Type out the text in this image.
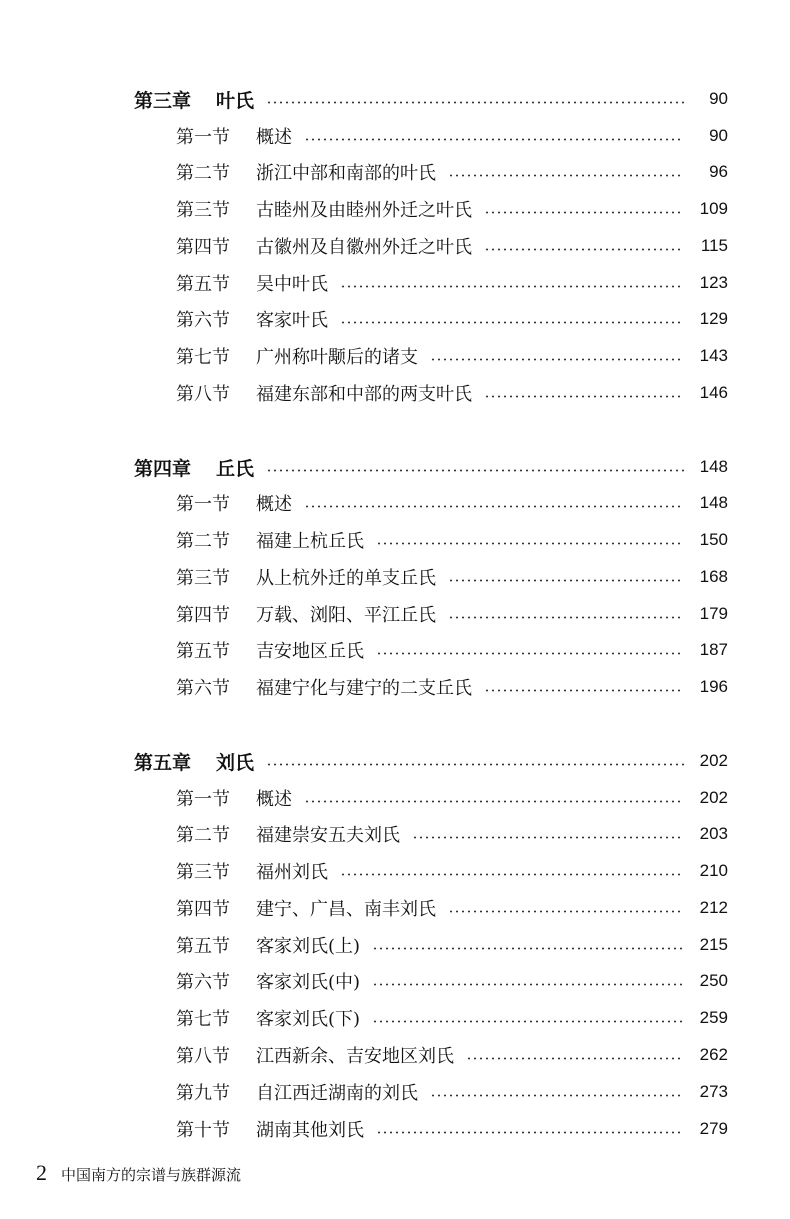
第三章 叶氏	90
第一节 概述	90
第二节 浙江中部和南部的叶氏	96
第三节 古睦州及由睦州外迁之叶氏	109
第四节 古徽州及自徽州外迁之叶氏	115
第五节 吴中叶氏	123
第六节 客家叶氏	129
第七节 广州称叶颙后的诸支	143
第八节 福建东部和中部的两支叶氏	146
第四章 丘氏	148
第一节 概述	148
第二节 福建上杭丘氏	150
第三节 从上杭外迁的单支丘氏	168
第四节 万载、浏阳、平江丘氏	179
第五节 吉安地区丘氏	187
第六节 福建宁化与建宁的二支丘氏	196
第五章 刘氏	202
第一节 概述	202
第二节 福建崇安五夫刘氏	203
第三节 福州刘氏	210
第四节 建宁、广昌、南丰刘氏	212
第五节 客家刘氏(上)	215
第六节 客家刘氏(中)	250
第七节 客家刘氏(下)	259
第八节 江西新余、吉安地区刘氏	262
第九节 自江西迁湖南的刘氏	273
第十节 湖南其他刘氏	279
2 中国南方的宗谱与族群源流
